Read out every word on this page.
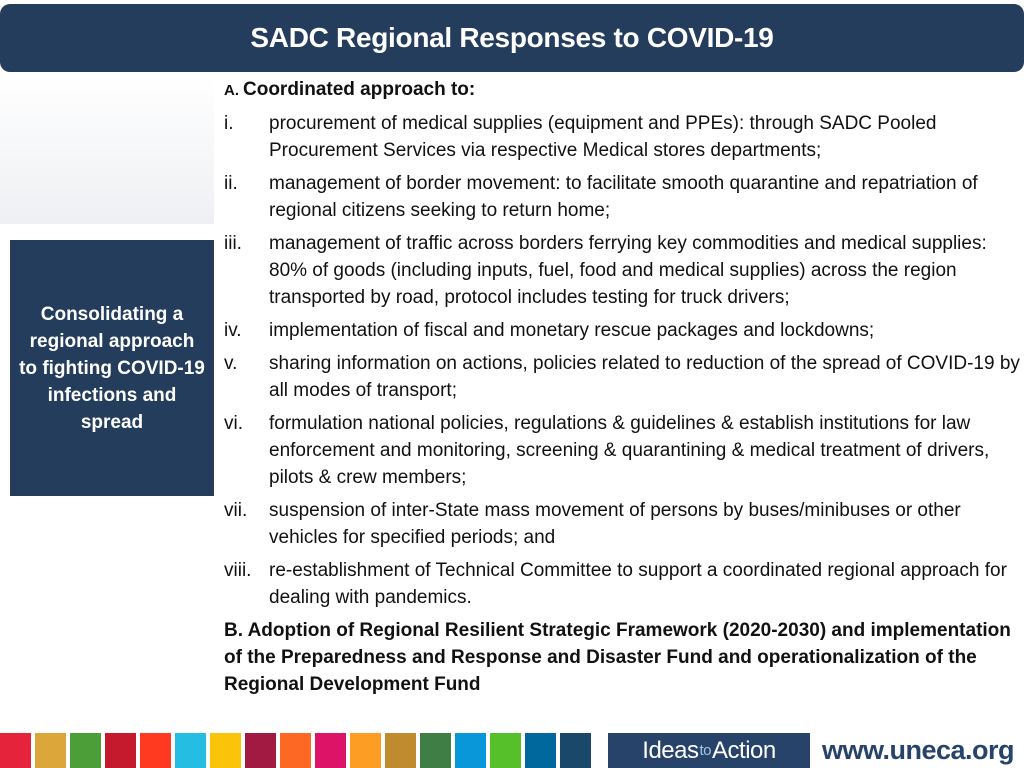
SADC Regional Responses to COVID-19
Consolidating a regional approach to fighting COVID-19 infections and spread
A. Coordinated approach to:
i.	procurement of medical supplies (equipment and PPEs): through SADC Pooled Procurement Services via respective Medical stores departments;
ii.	management of border movement: to facilitate smooth quarantine and repatriation of regional citizens seeking to return home;
iii.	management of traffic across borders ferrying key commodities and medical supplies: 80% of goods (including inputs, fuel, food and medical supplies) across the region transported by road, protocol includes testing for truck drivers;
iv.	implementation of fiscal and monetary rescue packages and lockdowns;
v.	sharing information on actions, policies related to reduction of the spread of COVID-19 by all modes of transport;
vi.	formulation national policies, regulations & guidelines & establish institutions for law enforcement and monitoring, screening & quarantining & medical treatment of drivers, pilots & crew members;
vii.	suspension of inter-State mass movement of persons by buses/minibuses or other vehicles for specified periods; and
viii. re-establishment of Technical Committee to support a coordinated regional approach for dealing with pandemics.
B. Adoption of Regional Resilient Strategic Framework (2020-2030) and implementation of the Preparedness and Response and Disaster Fund and operationalization of the Regional Development Fund
Ideas to Action	www.uneca.org
